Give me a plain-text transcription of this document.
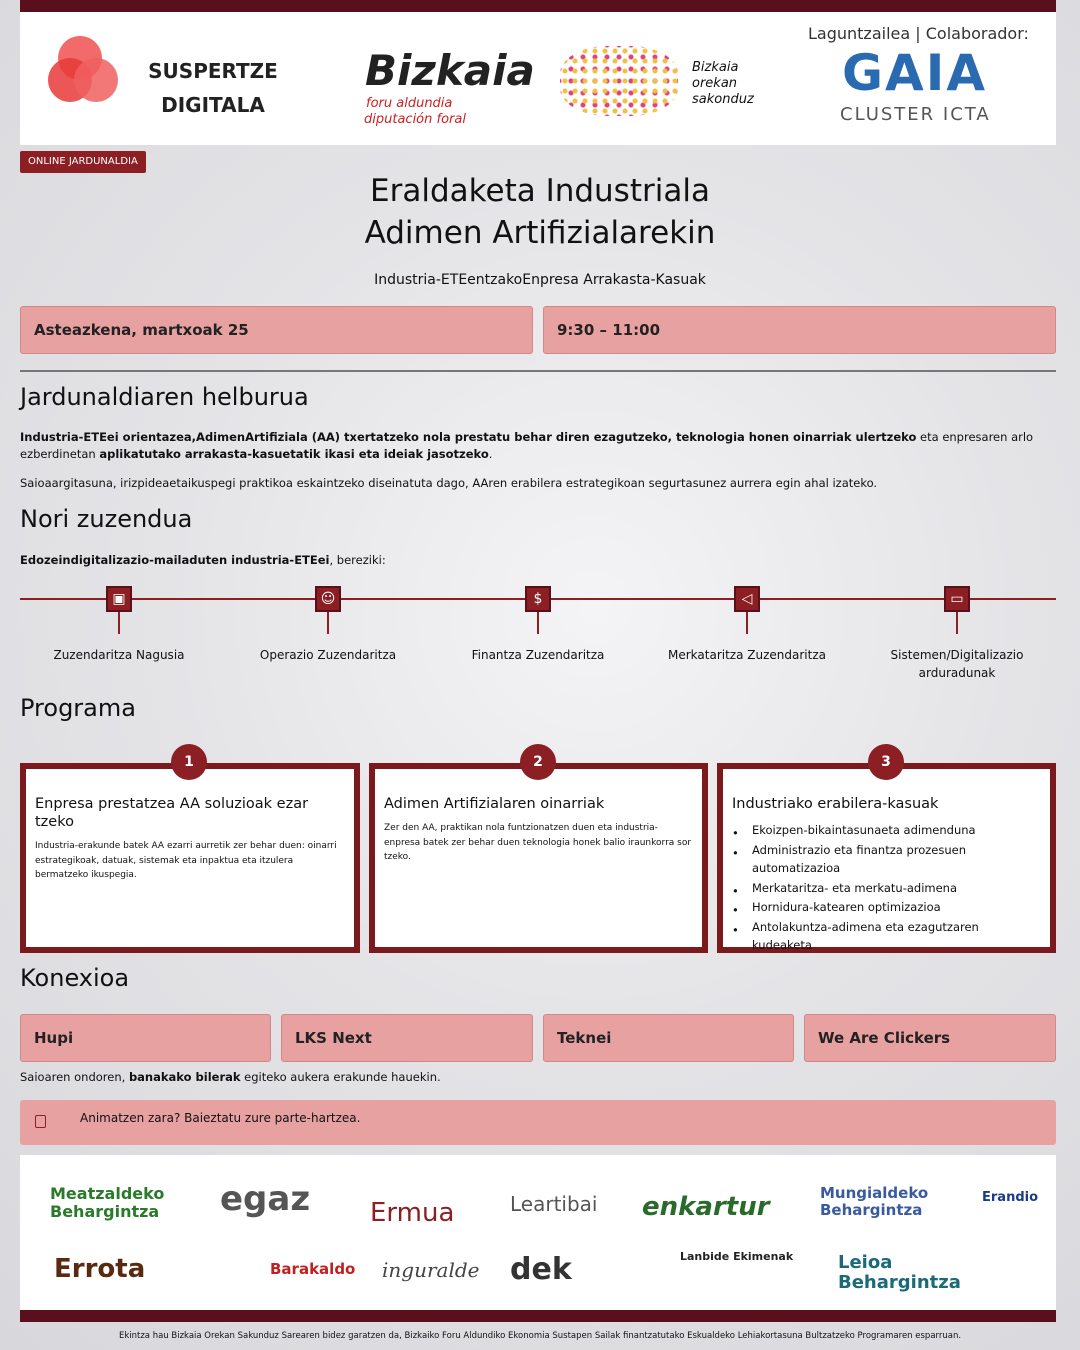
SUSPERTZE DIGITALA
Bizkaia
foru aldundia
diputación foral
Bizkaia orekan sakonduz
Laguntzailea | Colaborador:
GAIA
CLUSTER ICTA
ONLINE JARDUNALDIA
Eraldaketa Industriala
Adimen Artifizialarekin
Industria-ETEentzakoEnpresa Arrakasta-Kasuak
Asteazkena, martxoak 25	9:30 – 11:00
Jardunaldiaren helburua
Industria-ETEei orientazea,AdimenArtifiziala (AA) txertatzeko nola prestatu behar diren ezagutzeko, teknologia honen oinarriak ulertzeko eta enpresaren arlo ezberdinetan aplikatutako arrakasta-kasuetatik ikasi eta ideiak jasotzeko.
Saioaargitasuna, irizpideaetaikuspegi praktikoa eskaintzeko diseinatuta dago, AAren erabilera estrategikoan segurtasunez aurrera egin ahal izateko.
Nori zuzendua
Edozeindigitalizazio-mailaduten industria-ETEei, bereziki:
▣
Zuzendaritza Nagusia
☺
Operazio Zuzendaritza
$
Finantza Zuzendaritza
◁
Merkataritza Zuzendaritza
▭
Sistemen/Digitalizazio arduradunak
Programa
Enpresa prestatzea AA soluzioak ezar tzeko

Industria-erakunde batek AA ezarri aurretik zer behar duen: oinarri estrategikoak, datuak, sistemak eta inpaktua eta itzulera bermatzeko ikuspegia.

Adimen Artifizialaren oinarriak

Zer den AA, praktikan nola funtzionatzen duen eta industria-enpresa batek zer behar duen teknologia honek balio iraunkorra sor tzeko.

Industriako erabilera-kasuak
• Ekoizpen-bikaintasunaeta adimenduna
• Administrazio eta finantza prozesuen automatizazioa
• Merkataritza- eta merkatu-adimena
• Hornidura-katearen optimizazioa
• Antolakuntza-adimena eta ezagutzaren kudeaketa
1	2	3
Konexioa
Hupi	LKS Next	Teknei	We Are Clickers
Saioaren ondoren, banakako bilerak egiteko aukera erakunde hauekin.
Animatzen zara? Baieztatu zure parte-hartzea.
Meatzaldeko Behargintza	egaz Ermua	Leartibai enkartur	Mungialdeko Behargintza
Erandio
Errota	Barakaldo inguralde dek	Lanbide Ekimenak	Leioa Behargintza
Ekintza hau Bizkaia Orekan Sakunduz Sarearen bidez garatzen da, Bizkaiko Foru Aldundiko Ekonomia Sustapen Sailak finantzatutako Eskualdeko Lehiakortasuna Bultzatzeko Programaren esparruan.
